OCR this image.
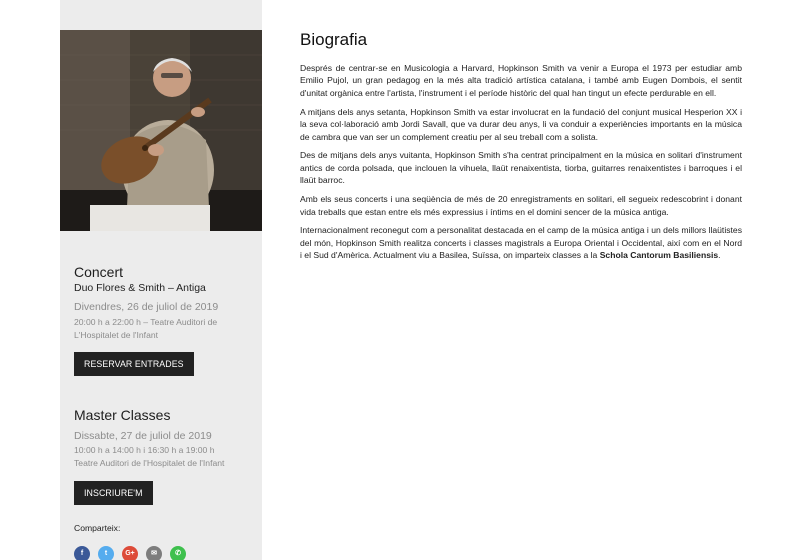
Concert
Duo Flores & Smith – Antiga
Divendres, 26 de juliol de 2019
20:00 h a 22:00 h – Teatre Auditori de L'Hospitalet de l'Infant
RESERVAR ENTRADES
Master Classes
Dissabte, 27 de juliol de 2019
10:00 h a 14:00 h i 16:30 h a 19:00 h
Teatre Auditori de l'Hospitalet de l'Infant
INSCRIURE'M
Comparteix:
f	t	G+	✉	✆
Biografia

Després de centrar-se en Musicologia a Harvard, Hopkinson Smith va venir a Europa el 1973 per estudiar amb Emilio Pujol, un gran pedagog en la més alta tradició artística catalana, i també amb Eugen Dombois, el sentit d'unitat orgànica entre l'artista, l'instrument i el període històric del qual han tingut un efecte perdurable en ell.

A mitjans dels anys setanta, Hopkinson Smith va estar involucrat en la fundació del conjunt musical Hesperion XX i la seva col·laboració amb Jordi Savall, que va durar deu anys, li va conduir a experiències importants en la música de cambra que van ser un complement creatiu per al seu treball com a solista.

Des de mitjans dels anys vuitanta, Hopkinson Smith s'ha centrat principalment en la música en solitari d'instrument antics de corda polsada, que inclouen la vihuela, llaüt renaixentista, tiorba, guitarres renaixentistes i barroques i el llaüt barroc.

Amb els seus concerts i una seqüència de més de 20 enregistraments en solitari, ell segueix redescobrint i donant vida treballs que estan entre els més expressius i íntims en el domini sencer de la música antiga.

Internacionalment reconegut com a personalitat destacada en el camp de la música antiga i un dels millors llaütistes del món, Hopkinson Smith realitza concerts i classes magistrals a Europa Oriental i Occidental, així com en el Nord i el Sud d'Amèrica. Actualment viu a Basilea, Suïssa, on imparteix classes a la Schola Cantorum Basiliensis.
